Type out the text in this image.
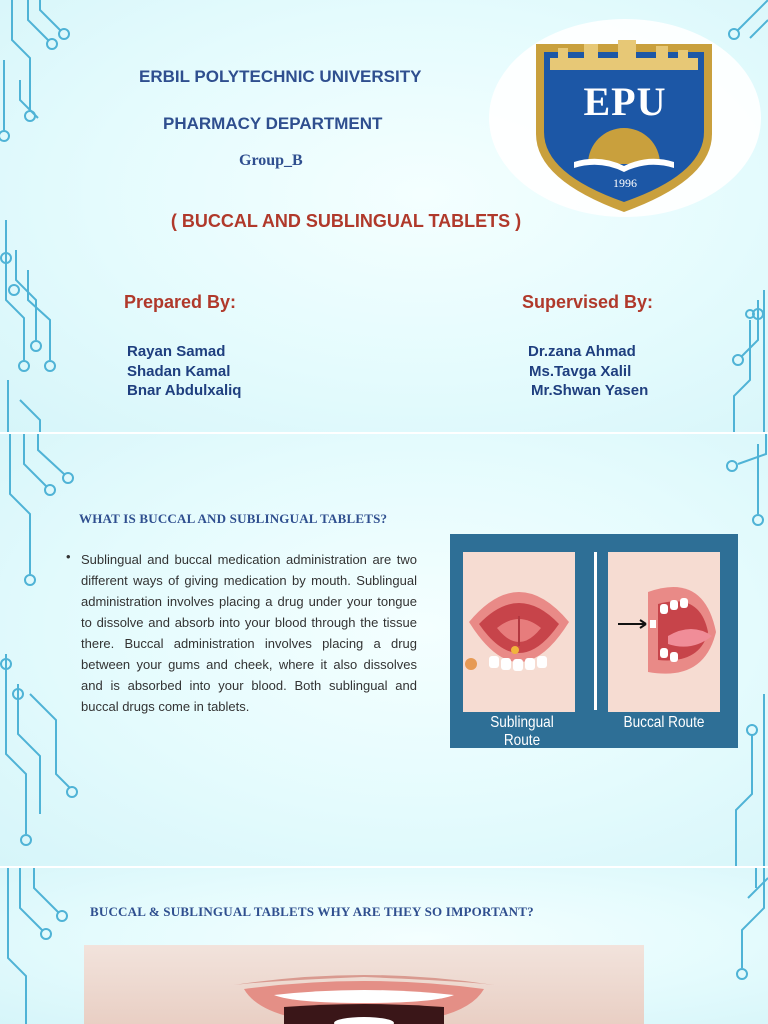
ERBIL POLYTECHNIC UNIVERSITY
PHARMACY DEPARTMENT
Group_B
EPU
1996
( BUCCAL AND SUBLINGUAL TABLETS )
Prepared By:	Supervised By:
Rayan Samad
Shadan Kamal
Bnar Abdulxaliq
Dr.zana Ahmad
Ms.Tavga Xalil
Mr.Shwan Yasen
WHAT IS BUCCAL AND SUBLINGUAL TABLETS?
• Sublingual and buccal medication administration are two different ways of giving medication by mouth. Sublingual administration involves placing a drug under your tongue to dissolve and absorb into your blood through the tissue there. Buccal administration involves placing a drug between your gums and cheek, where it also dissolves and is absorbed into your blood. Both sublingual and buccal drugs come in tablets.
Sublingual Route
Buccal Route
BUCCAL & SUBLINGUAL TABLETS WHY ARE THEY SO IMPORTANT?
